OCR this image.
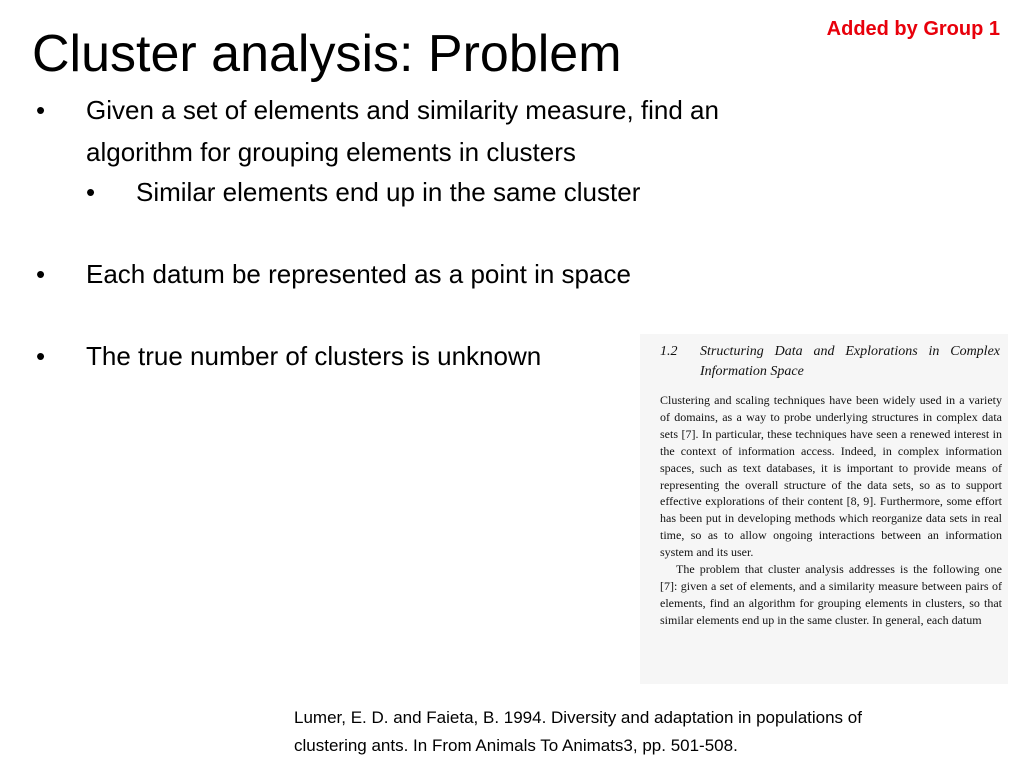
Added by Group 1
Cluster analysis: Problem
• Given a set of elements and similarity measure, find an
algorithm for grouping elements in clusters
• Similar elements end up in the same cluster
• Each datum be represented as a point in space
• The true number of clusters is unknown	1.2 Structuring Data and Explorations in Complex Information Space

Clustering and scaling techniques have been widely used in a variety of domains, as a way to probe underlying structures in complex data sets [7]. In particular, these techniques have seen a renewed interest in the context of information access. Indeed, in complex information spaces, such as text databases, it is important to provide means of representing the overall structure of the data sets, so as to support effective explorations of their content [8, 9]. Furthermore, some effort has been put in developing methods which reorganize data sets in real time, so as to allow ongoing interactions between an information system and its user.

The problem that cluster analysis addresses is the following one [7]: given a set of elements, and a similarity measure between pairs of elements, find an algorithm for grouping elements in clusters, so that similar elements end up in the same cluster. In general, each datum

Lumer, E. D. and Faieta, B. 1994. Diversity and adaptation in populations of
clustering ants. In From Animals To Animats3, pp. 501-508.
